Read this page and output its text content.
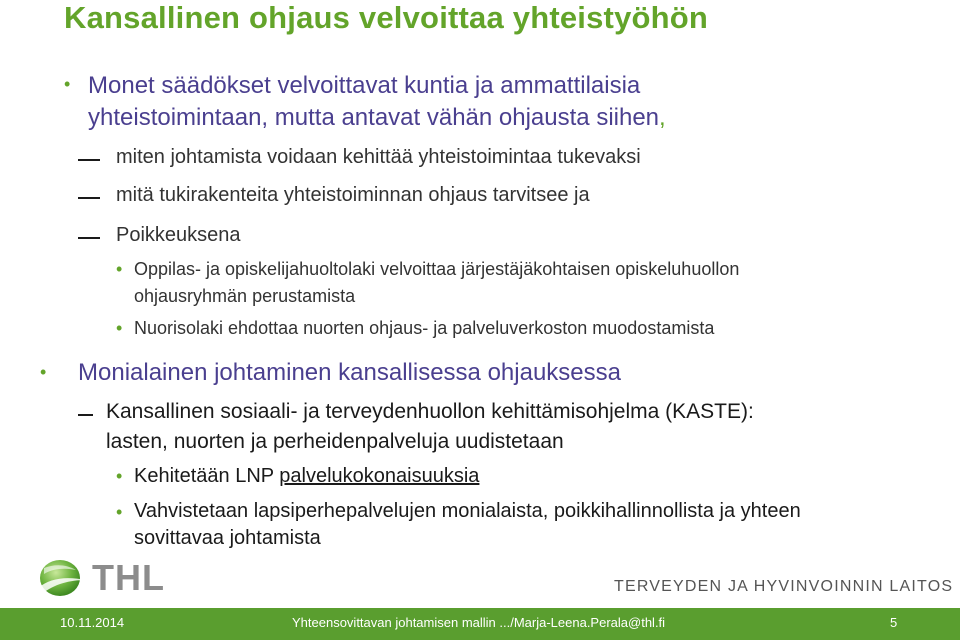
Kansallinen ohjaus velvoittaa yhteistyöhön
• Monet säädökset velvoittavat kuntia ja ammattilaisia
yhteistoimintaan, mutta antavat vähän ohjausta siihen,
miten johtamista voidaan kehittää yhteistoimintaa tukevaksi
mitä tukirakenteita yhteistoiminnan ohjaus tarvitsee ja
Poikkeuksena
• Oppilas- ja opiskelijahuoltolaki velvoittaa järjestäjäkohtaisen opiskeluhuollon
ohjausryhmän perustamista
• Nuorisolaki ehdottaa nuorten ohjaus- ja palveluverkoston muodostamista
• Monialainen johtaminen kansallisessa ohjauksessa
Kansallinen sosiaali- ja terveydenhuollon kehittämisohjelma (KASTE):
lasten, nuorten ja perheidenpalveluja uudistetaan
• Kehitetään LNP palvelukokonaisuuksia
• Vahvistetaan lapsiperhepalvelujen monialaista, poikkihallinnollista ja yhteen
sovittavaa johtamista
THL	TERVEYDEN JA HYVINVOINNIN LAITOS
10.11.2014	Yhteensovittavan johtamisen mallin .../Marja-Leena.Perala@thl.fi	5
